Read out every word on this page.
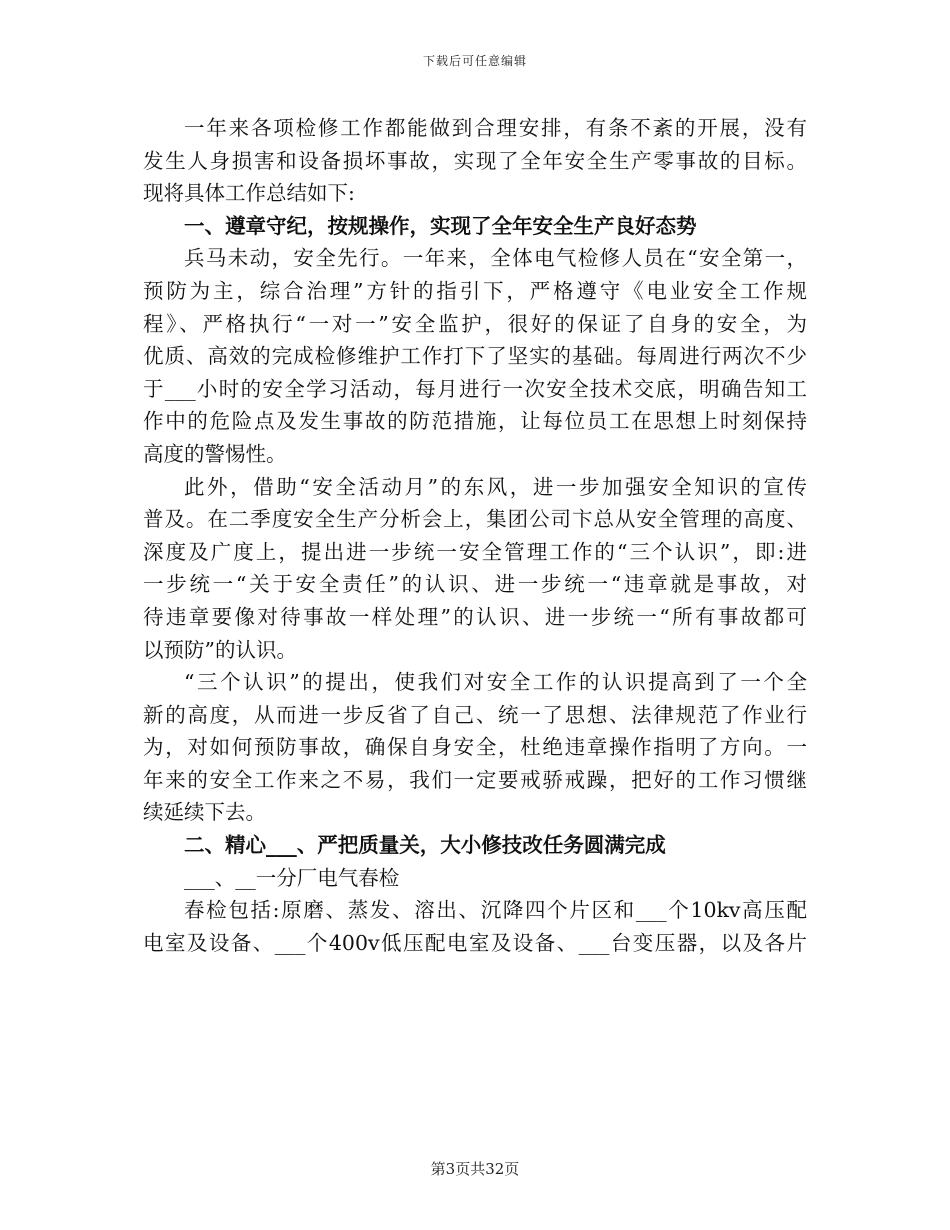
下载后可任意编辑
一年来各项检修工作都能做到合理安排，有条不紊的开展，没有
发生人身损害和设备损坏事故，实现了全年安全生产零事故的目标。
现将具体工作总结如下:
一、遵章守纪，按规操作，实现了全年安全生产良好态势
兵马未动，安全先行。一年来，全体电气检修人员在“安全第一，
预防为主，综合治理”方针的指引下，严格遵守《电业安全工作规
程》、严格执行“一对一”安全监护，很好的保证了自身的安全，为
优质、高效的完成检修维护工作打下了坚实的基础。每周进行两次不少
于___小时的安全学习活动，每月进行一次安全技术交底，明确告知工
作中的危险点及发生事故的防范措施，让每位员工在思想上时刻保持
高度的警惕性。
此外，借助“安全活动月”的东风，进一步加强安全知识的宣传
普及。在二季度安全生产分析会上，集团公司卞总从安全管理的高度、
深度及广度上，提出进一步统一安全管理工作的“三个认识”，即:进
一步统一“关于安全责任”的认识、进一步统一“违章就是事故，对
待违章要像对待事故一样处理”的认识、进一步统一“所有事故都可
以预防”的认识。
“三个认识”的提出，使我们对安全工作的认识提高到了一个全
新的高度，从而进一步反省了自己、统一了思想、法律规范了作业行
为，对如何预防事故，确保自身安全，杜绝违章操作指明了方向。一
年来的安全工作来之不易，我们一定要戒骄戒躁，把好的工作习惯继
续延续下去。
二、精心___、严把质量关，大小修技改任务圆满完成
___、__一分厂电气春检
春检包括:原磨、蒸发、溶出、沉降四个片区和___个10kv高压配
电室及设备、___个400v低压配电室及设备、___台变压器，以及各片
第3页共32页
